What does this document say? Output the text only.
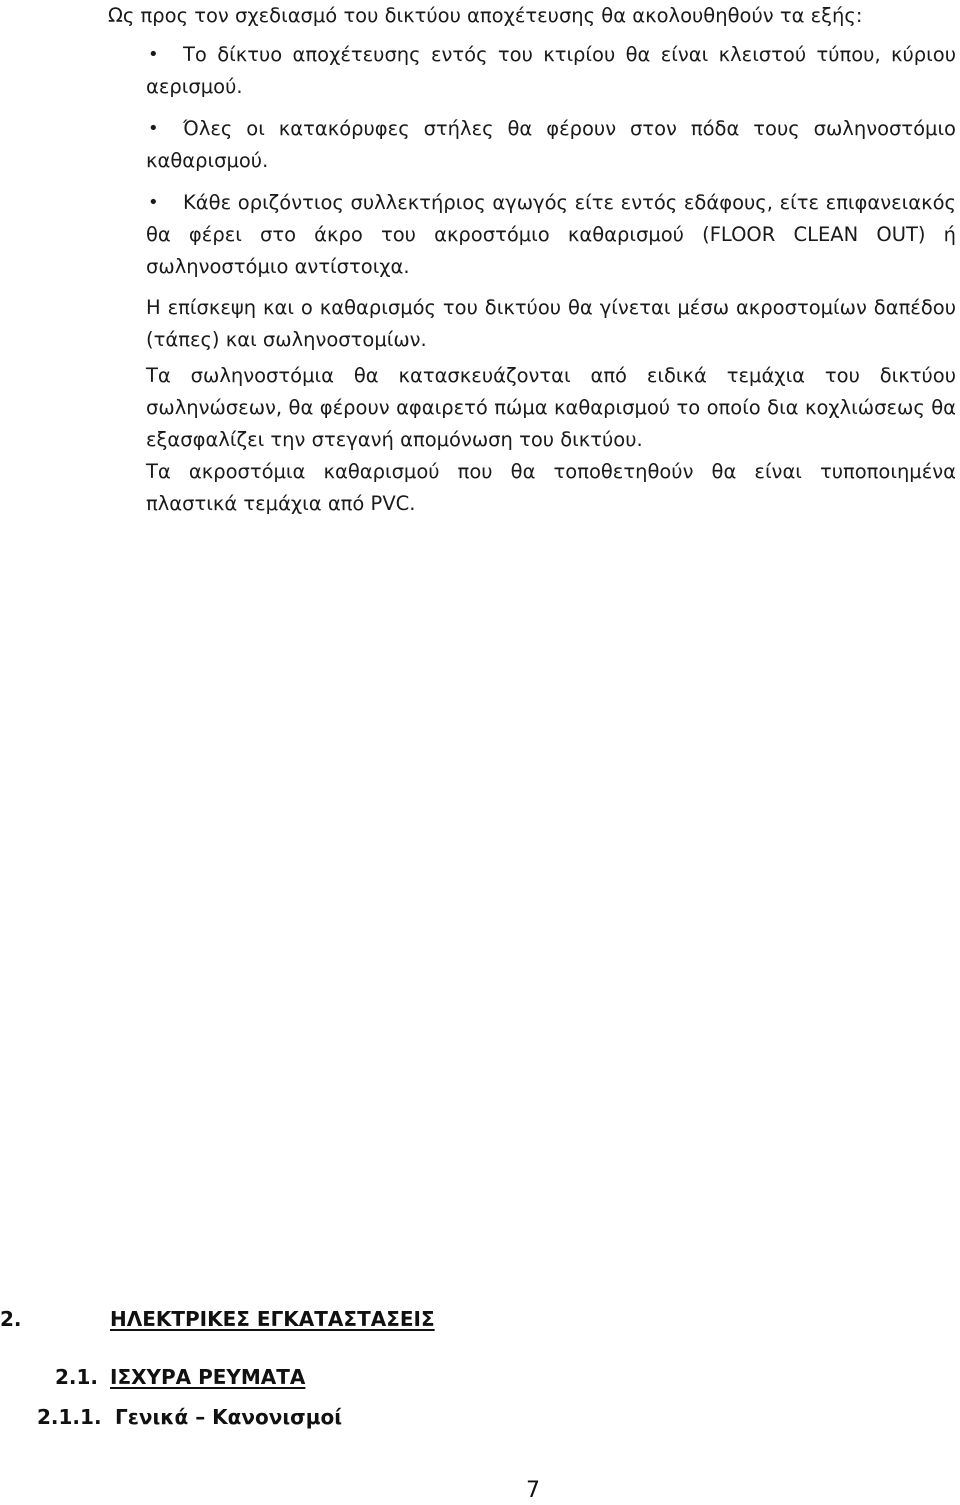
Ως προς τον σχεδιασμό του δικτύου αποχέτευσης θα ακολουθηθούν τα εξής:
•	Το δίκτυο αποχέτευσης εντός του κτιρίου θα είναι κλειστού τύπου, κύριου αερισμού.
•	Όλες οι κατακόρυφες στήλες θα φέρουν στον πόδα τους σωληνοστόμιο καθαρισμού.
•	Κάθε οριζόντιος συλλεκτήριος αγωγός είτε εντός εδάφους, είτε επιφανειακός θα φέρει στο άκρο του ακροστόμιο καθαρισμού (FLOOR CLEAN OUT) ή σωληνοστόμιο αντίστοιχα.

Η επίσκεψη και ο καθαρισμός του δικτύου θα γίνεται μέσω ακροστομίων δαπέδου (τάπες) και σωληνοστομίων.

Τα σωληνοστόμια θα κατασκευάζονται από ειδικά τεμάχια του δικτύου σωληνώσεων, θα φέρουν αφαιρετό πώμα καθαρισμού το οποίο δια κοχλιώσεως θα εξασφαλίζει την στεγανή απομόνωση του δικτύου.

Τα ακροστόμια καθαρισμού που θα τοποθετηθούν θα είναι τυποποιημένα πλαστικά τεμάχια από PVC.

2.	ΗΛΕΚΤΡΙΚΕΣ ΕΓΚΑΤΑΣΤΑΣΕΙΣ
2.1. ΙΣΧΥΡΑ ΡΕΥΜΑΤΑ
2.1.1. Γενικά – Κανονισμοί
7
